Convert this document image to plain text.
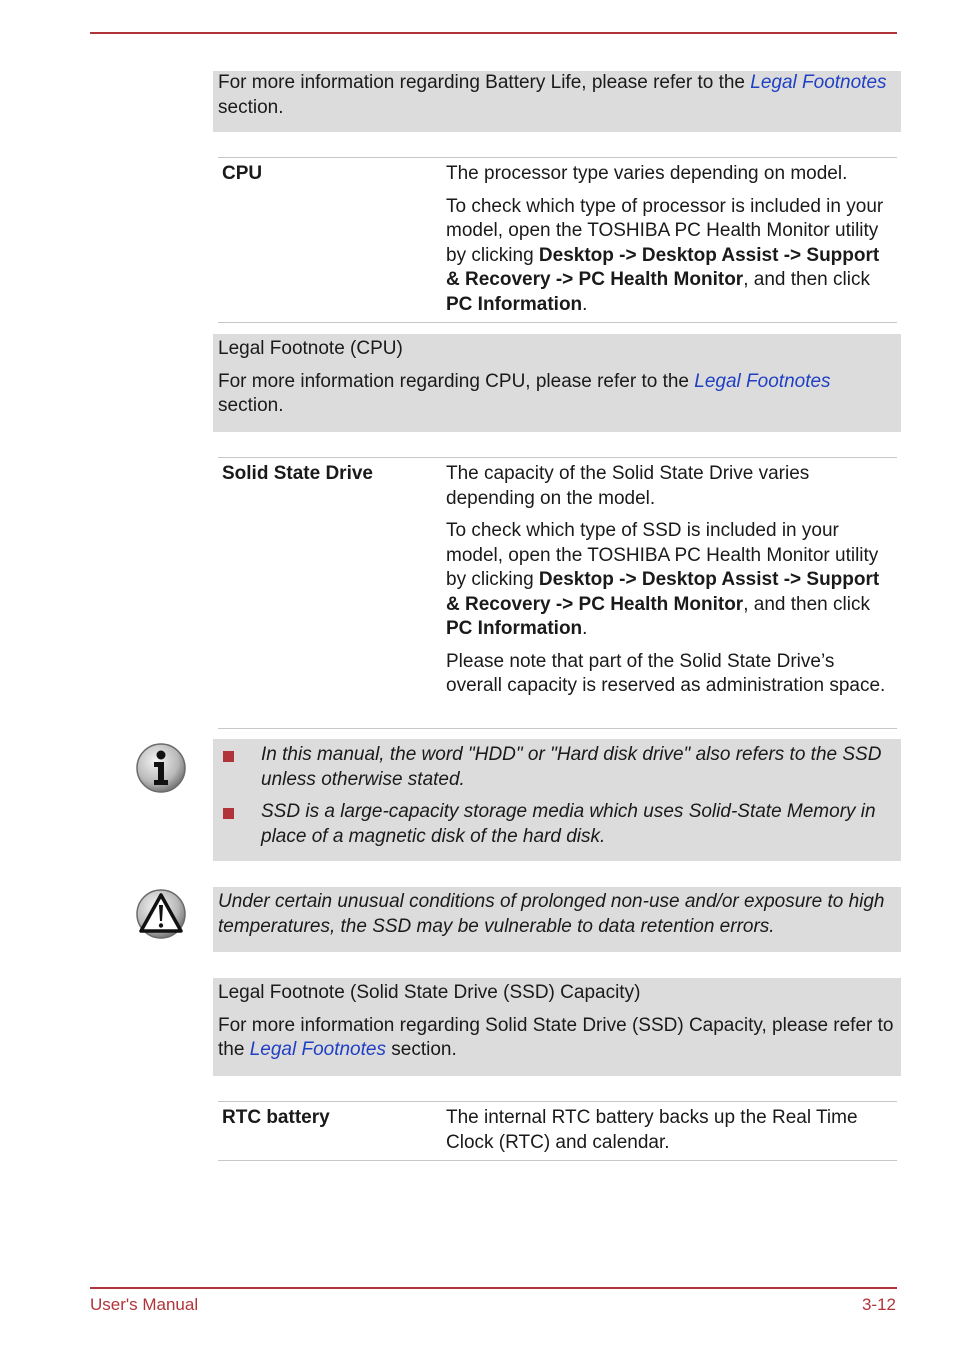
For more information regarding Battery Life, please refer to the Legal Footnotes section.

CPU	The processor type varies depending on model.

To check which type of processor is included in your model, open the TOSHIBA PC Health Monitor utility by clicking Desktop -> Desktop Assist -> Support & Recovery -> PC Health Monitor, and then click PC Information.

Legal Footnote (CPU)

For more information regarding CPU, please refer to the Legal Footnotes section.

Solid State Drive	The capacity of the Solid State Drive varies depending on the model.

To check which type of SSD is included in your model, open the TOSHIBA PC Health Monitor utility by clicking Desktop -> Desktop Assist -> Support & Recovery -> PC Health Monitor, and then click PC Information.

Please note that part of the Solid State Drive’s overall capacity is reserved as administration space.

In this manual, the word "HDD" or "Hard disk drive" also refers to the SSD unless otherwise stated.
SSD is a large-capacity storage media which uses Solid-State Memory in place of a magnetic disk of the hard disk.

Under certain unusual conditions of prolonged non-use and/or exposure to high temperatures, the SSD may be vulnerable to data retention errors.

Legal Footnote (Solid State Drive (SSD) Capacity)

For more information regarding Solid State Drive (SSD) Capacity, please refer to the Legal Footnotes section.

RTC battery	The internal RTC battery backs up the Real Time Clock (RTC) and calendar.

User's Manual	3-12
